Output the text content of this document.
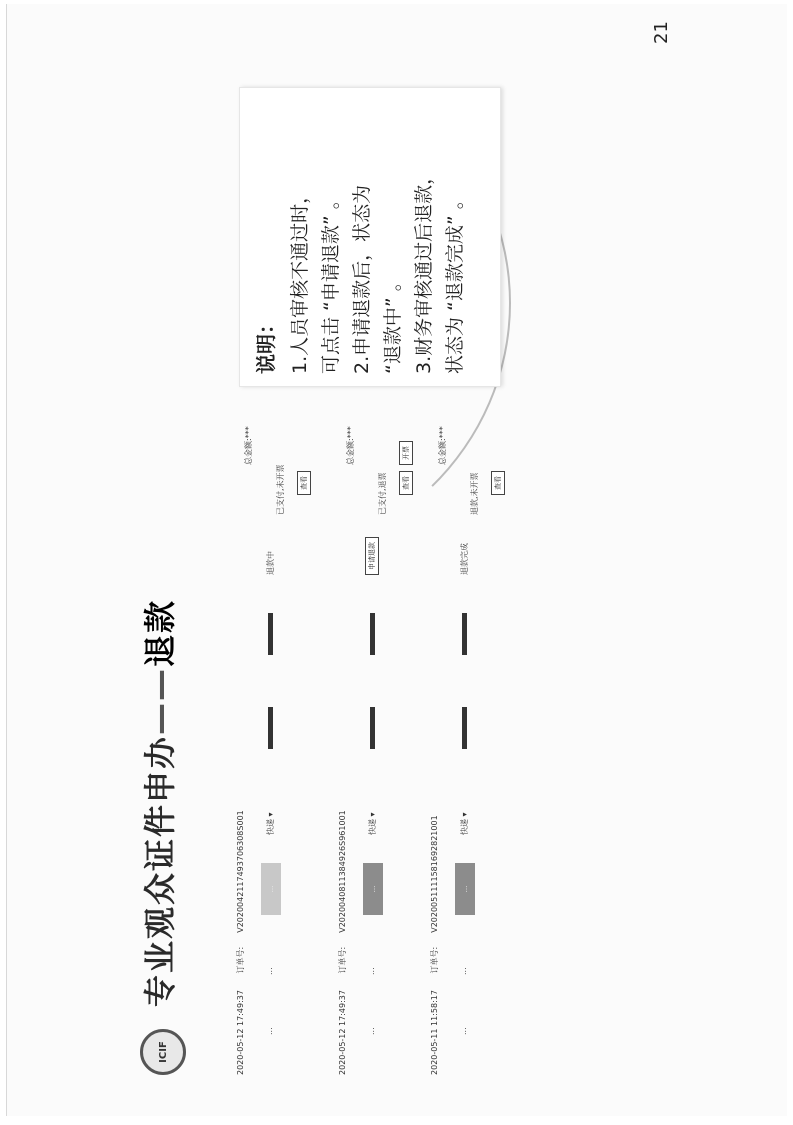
21
ICIF
专业观众证件申办——退款
2020-05-12 17:49:37 订单号:V2020042117493706308S001
...
...
...
快递 ▾
退款中
已支付,未开票	查看
总金额:***
2020-05-12 17:49:37 订单号:V2020040811384926S961001
...
...
...
快递 ▾
申请退款
已支付,退票	查看开票
总金额:***
2020-05-11 11:58:17 订单号:V2020051111581692821001
...
...
...
快递 ▾
退款完成
退款,未开票	查看
总金额:***
说明： 1.人员审核不通过时， 可点击 “申请退款” 。 2.申请退款后，状态为 “退款中” 。 3.财务审核通过后退款， 状态为 “退款完成” 。
